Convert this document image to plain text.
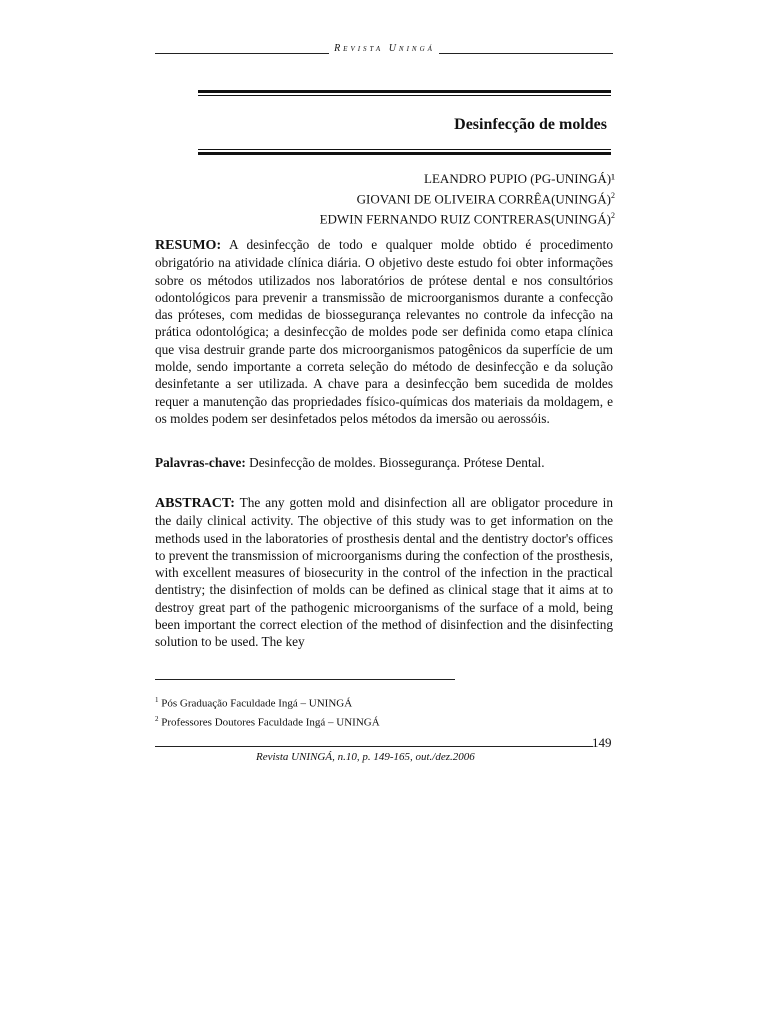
Revista Uningá
Desinfecção de moldes
LEANDRO PUPIO (PG-UNINGÁ)¹
GIOVANI DE OLIVEIRA CORRÊA(UNINGÁ)$^2$
EDWIN FERNANDO RUIZ CONTRERAS(UNINGÁ)$^2$

RESUMO: A desinfecção de todo e qualquer molde obtido é procedimento obrigatório na atividade clínica diária. O objetivo deste estudo foi obter informações sobre os métodos utilizados nos laboratórios de prótese dental e nos consultórios odontológicos para prevenir a transmissão de microorganismos durante a confecção das próteses, com medidas de biossegurança relevantes no controle da infecção na prática odontológica; a desinfecção de moldes pode ser definida como etapa clínica que visa destruir grande parte dos microorganismos patogênicos da superfície de um molde, sendo importante a correta seleção do método de desinfecção e da solução desinfetante a ser utilizada. A chave para a desinfecção bem sucedida de moldes requer a manutenção das propriedades físico-químicas dos materiais da moldagem, e os moldes podem ser desinfetados pelos métodos da imersão ou aerossóis.

Palavras-chave: Desinfecção de moldes. Biossegurança. Prótese Dental.

ABSTRACT: The any gotten mold and disinfection all are obligator procedure in the daily clinical activity. The objective of this study was to get information on the methods used in the laboratories of prosthesis dental and the dentistry doctor's offices to prevent the transmission of microorganisms during the confection of the prosthesis, with excellent measures of biosecurity in the control of the infection in the practical dentistry; the disinfection of molds can be defined as clinical stage that it aims at to destroy great part of the pathogenic microorganisms of the surface of a mold, being been important the correct election of the method of disinfection and the disinfecting solution to be used. The key

$^1$ Pós Graduação Faculdade Ingá – UNINGÁ
$^2$ Professores Doutores Faculdade Ingá – UNINGÁ
149
Revista UNINGÁ, n.10, p. 149-165, out./dez.2006
